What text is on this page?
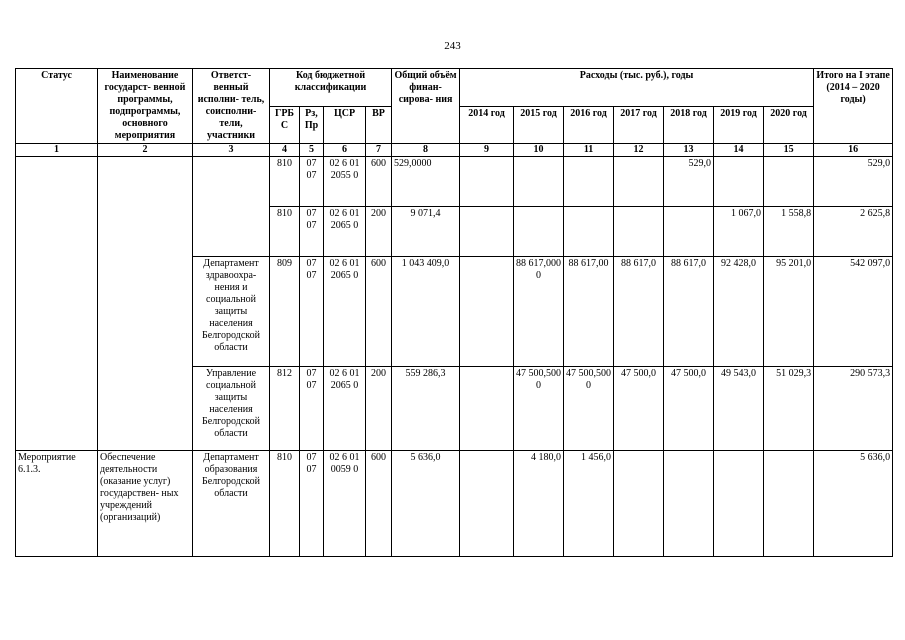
243
Статус	Наименование государст- венной программы, подпрограммы, основного мероприятия	Ответст- венный исполни- тель, соисполни- тели, участники	Код бюджетной классификации				Общий объём финан- сирова- ния	Расходы (тыс. руб.), годы							Итого на I этапе (2014 – 2020 годы)
			ГРБ С	Рз, Пр	ЦСР	ВР		2014 год	2015 год	2016 год	2017 год	2018 год	2019 год	2020 год	
1	2	3	4	5	6	7	8	9	10	11	12	13	14	15	16
			810	07 07	02 6 01 2055 0	600	529,0000					529,0			529,0
			810	07 07	02 6 01 2065 0	200	9 071,4						1 067,0	1 558,8	2 625,8
		Департамент здравоохра- нения и социальной защиты населения Белгородской области	809	07 07	02 6 01 2065 0	600	1 043 409,0		88 617,0000	88 617,00	88 617,0	88 617,0	92 428,0	95 201,0	542 097,0
		Управление социальной защиты населения Белгородской области	812	07 07	02 6 01 2065 0	200	559 286,3		47 500,5000	47 500,500 0	47 500,0	47 500,0	49 543,0	51 029,3	290 573,3
Мероприятие 6.1.3.	Обеспечение деятельности (оказание услуг) государствен- ных учреждений (организаций)	Департамент образования Белгородской области	810	07 07	02 6 01 0059 0	600	5 636,0		4 180,0	1 456,0					5 636,0
